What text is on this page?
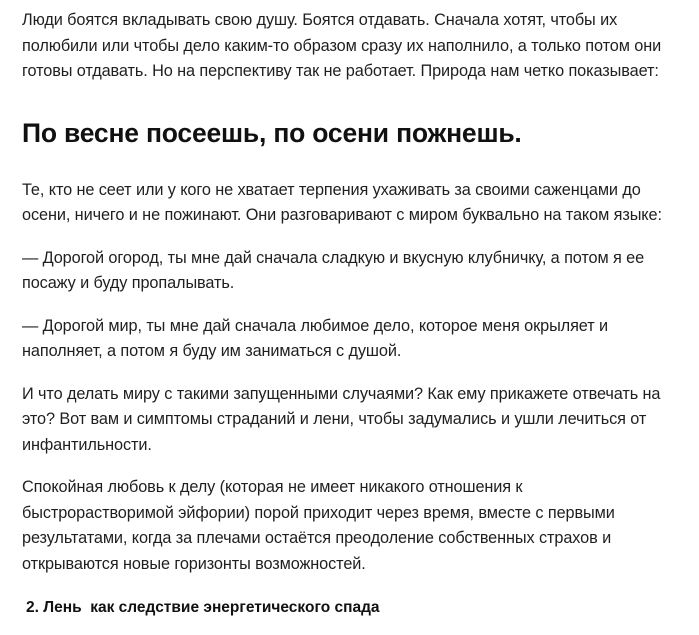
Люди боятся вкладывать свою душу. Боятся отдавать. Сначала хотят, чтобы их
полюбили или чтобы дело каким-то образом сразу их наполнило, а только потом они
готовы отдавать. Но на перспективу так не работает. Природа нам четко показывает:

По весне посеешь, по осени пожнешь.

Те, кто не сеет или у кого не хватает терпения ухаживать за своими саженцами до
осени, ничего и не пожинают. Они разговаривают с миром буквально на таком языке:

— Дорогой огород, ты мне дай сначала сладкую и вкусную клубничку, а потом я ее
посажу и буду пропалывать.

— Дорогой мир, ты мне дай сначала любимое дело, которое меня окрыляет и
наполняет, а потом я буду им заниматься с душой.

И что делать миру с такими запущенными случаями? Как ему прикажете отвечать на
это? Вот вам и симптомы страданий и лени, чтобы задумались и ушли лечиться от
инфантильности.

Спокойная любовь к делу (которая не имеет никакого отношения к
быстрорастворимой эйфории) порой приходит через время, вместе с первыми
результатами, когда за плечами остаётся преодоление собственных страхов и
открываются новые горизонты возможностей.

2. Лень  как следствие энергетического спада
